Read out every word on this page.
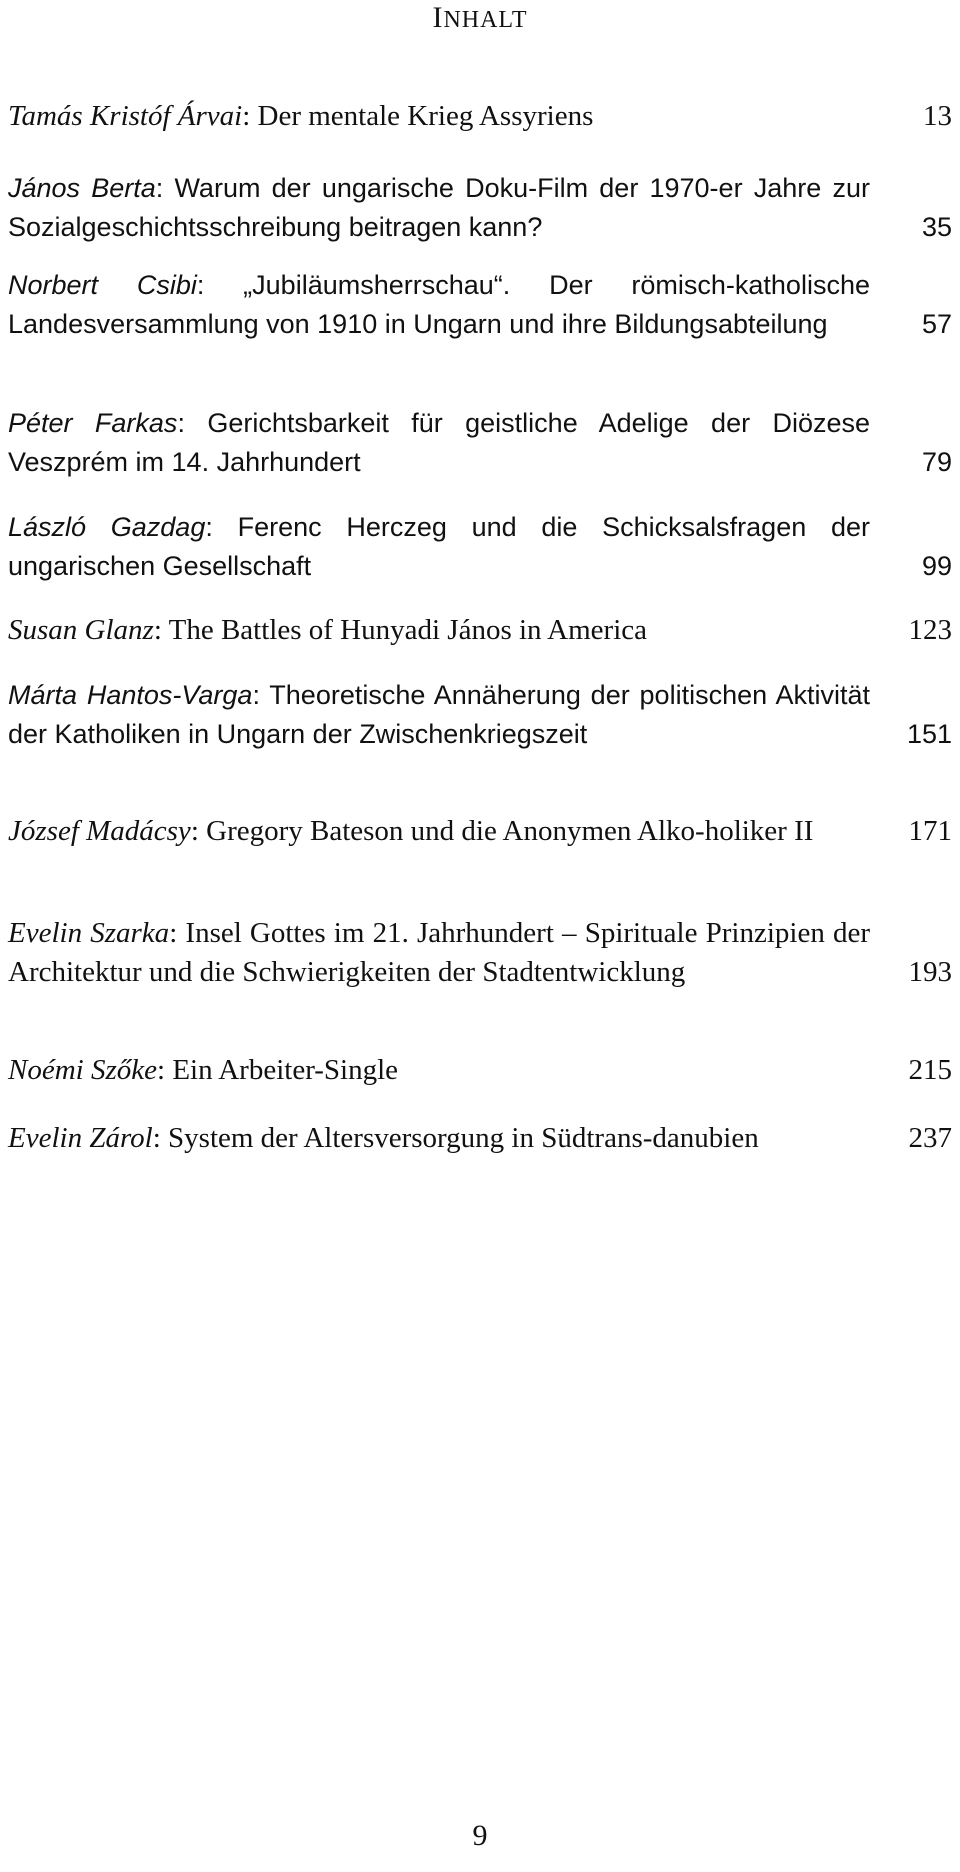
INHALT
Tamás Kristóf Árvai: Der mentale Krieg Assyriens	13
János Berta: Warum der ungarische Doku-Film der 1970-er Jahre zur Sozialgeschichtsschreibung beitragen kann?	35
Norbert Csibi: „Jubiläumsherrschau“. Der römisch-katholische Landesversammlung von 1910 in Ungarn und ihre Bildungsabteilung	57
Péter Farkas: Gerichtsbarkeit für geistliche Adelige der Diözese Veszprém im 14. Jahrhundert	79
László Gazdag: Ferenc Herczeg und die Schicksalsfragen der ungarischen Gesellschaft	99
Susan Glanz: The Battles of Hunyadi János in America	123
Márta Hantos-Varga: Theoretische Annäherung der politischen Aktivität der Katholiken in Ungarn der Zwischenkriegszeit	151
József Madácsy: Gregory Bateson und die Anonymen Alko-holiker II	171
Evelin Szarka: Insel Gottes im 21. Jahrhundert – Spirituale Prinzipien der Architektur und die Schwierigkeiten der Stadtentwicklung	193
Noémi Szőke: Ein Arbeiter-Single	215
Evelin Zárol: System der Altersversorgung in Südtrans-danubien	237
9
